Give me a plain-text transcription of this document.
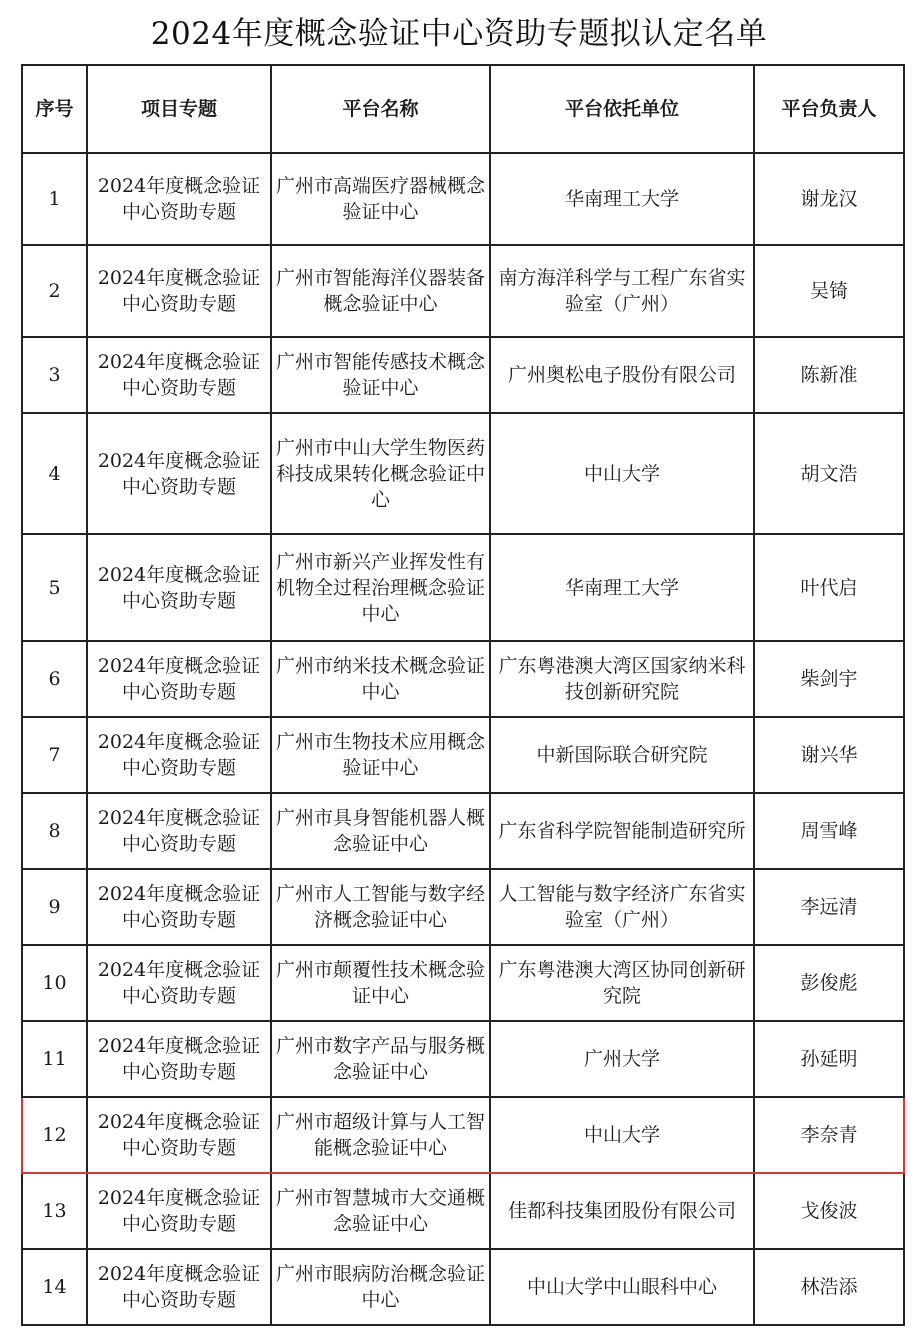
2024年度概念验证中心资助专题拟认定名单
序号	项目专题	平台名称	平台依托单位	平台负责人
1	2024年度概念验证中心资助专题	广州市高端医疗器械概念验证中心	华南理工大学	谢龙汉
2	2024年度概念验证中心资助专题	广州市智能海洋仪器装备概念验证中心	南方海洋科学与工程广东省实验室（广州）	吴锜
3	2024年度概念验证中心资助专题	广州市智能传感技术概念验证中心	广州奥松电子股份有限公司	陈新准
4	2024年度概念验证中心资助专题	广州市中山大学生物医药科技成果转化概念验证中心	中山大学	胡文浩
5	2024年度概念验证中心资助专题	广州市新兴产业挥发性有机物全过程治理概念验证中心	华南理工大学	叶代启
6	2024年度概念验证中心资助专题	广州市纳米技术概念验证中心	广东粤港澳大湾区国家纳米科技创新研究院	柴剑宇
7	2024年度概念验证中心资助专题	广州市生物技术应用概念验证中心	中新国际联合研究院	谢兴华
8	2024年度概念验证中心资助专题	广州市具身智能机器人概念验证中心	广东省科学院智能制造研究所	周雪峰
9	2024年度概念验证中心资助专题	广州市人工智能与数字经济概念验证中心	人工智能与数字经济广东省实验室（广州）	李远清
10	2024年度概念验证中心资助专题	广州市颠覆性技术概念验证中心	广东粤港澳大湾区协同创新研究院	彭俊彪
11	2024年度概念验证中心资助专题	广州市数字产品与服务概念验证中心	广州大学	孙延明
12	2024年度概念验证中心资助专题	广州市超级计算与人工智能概念验证中心	中山大学	李奈青
13	2024年度概念验证中心资助专题	广州市智慧城市大交通概念验证中心	佳都科技集团股份有限公司	戈俊波
14	2024年度概念验证中心资助专题	广州市眼病防治概念验证中心	中山大学中山眼科中心	林浩添
